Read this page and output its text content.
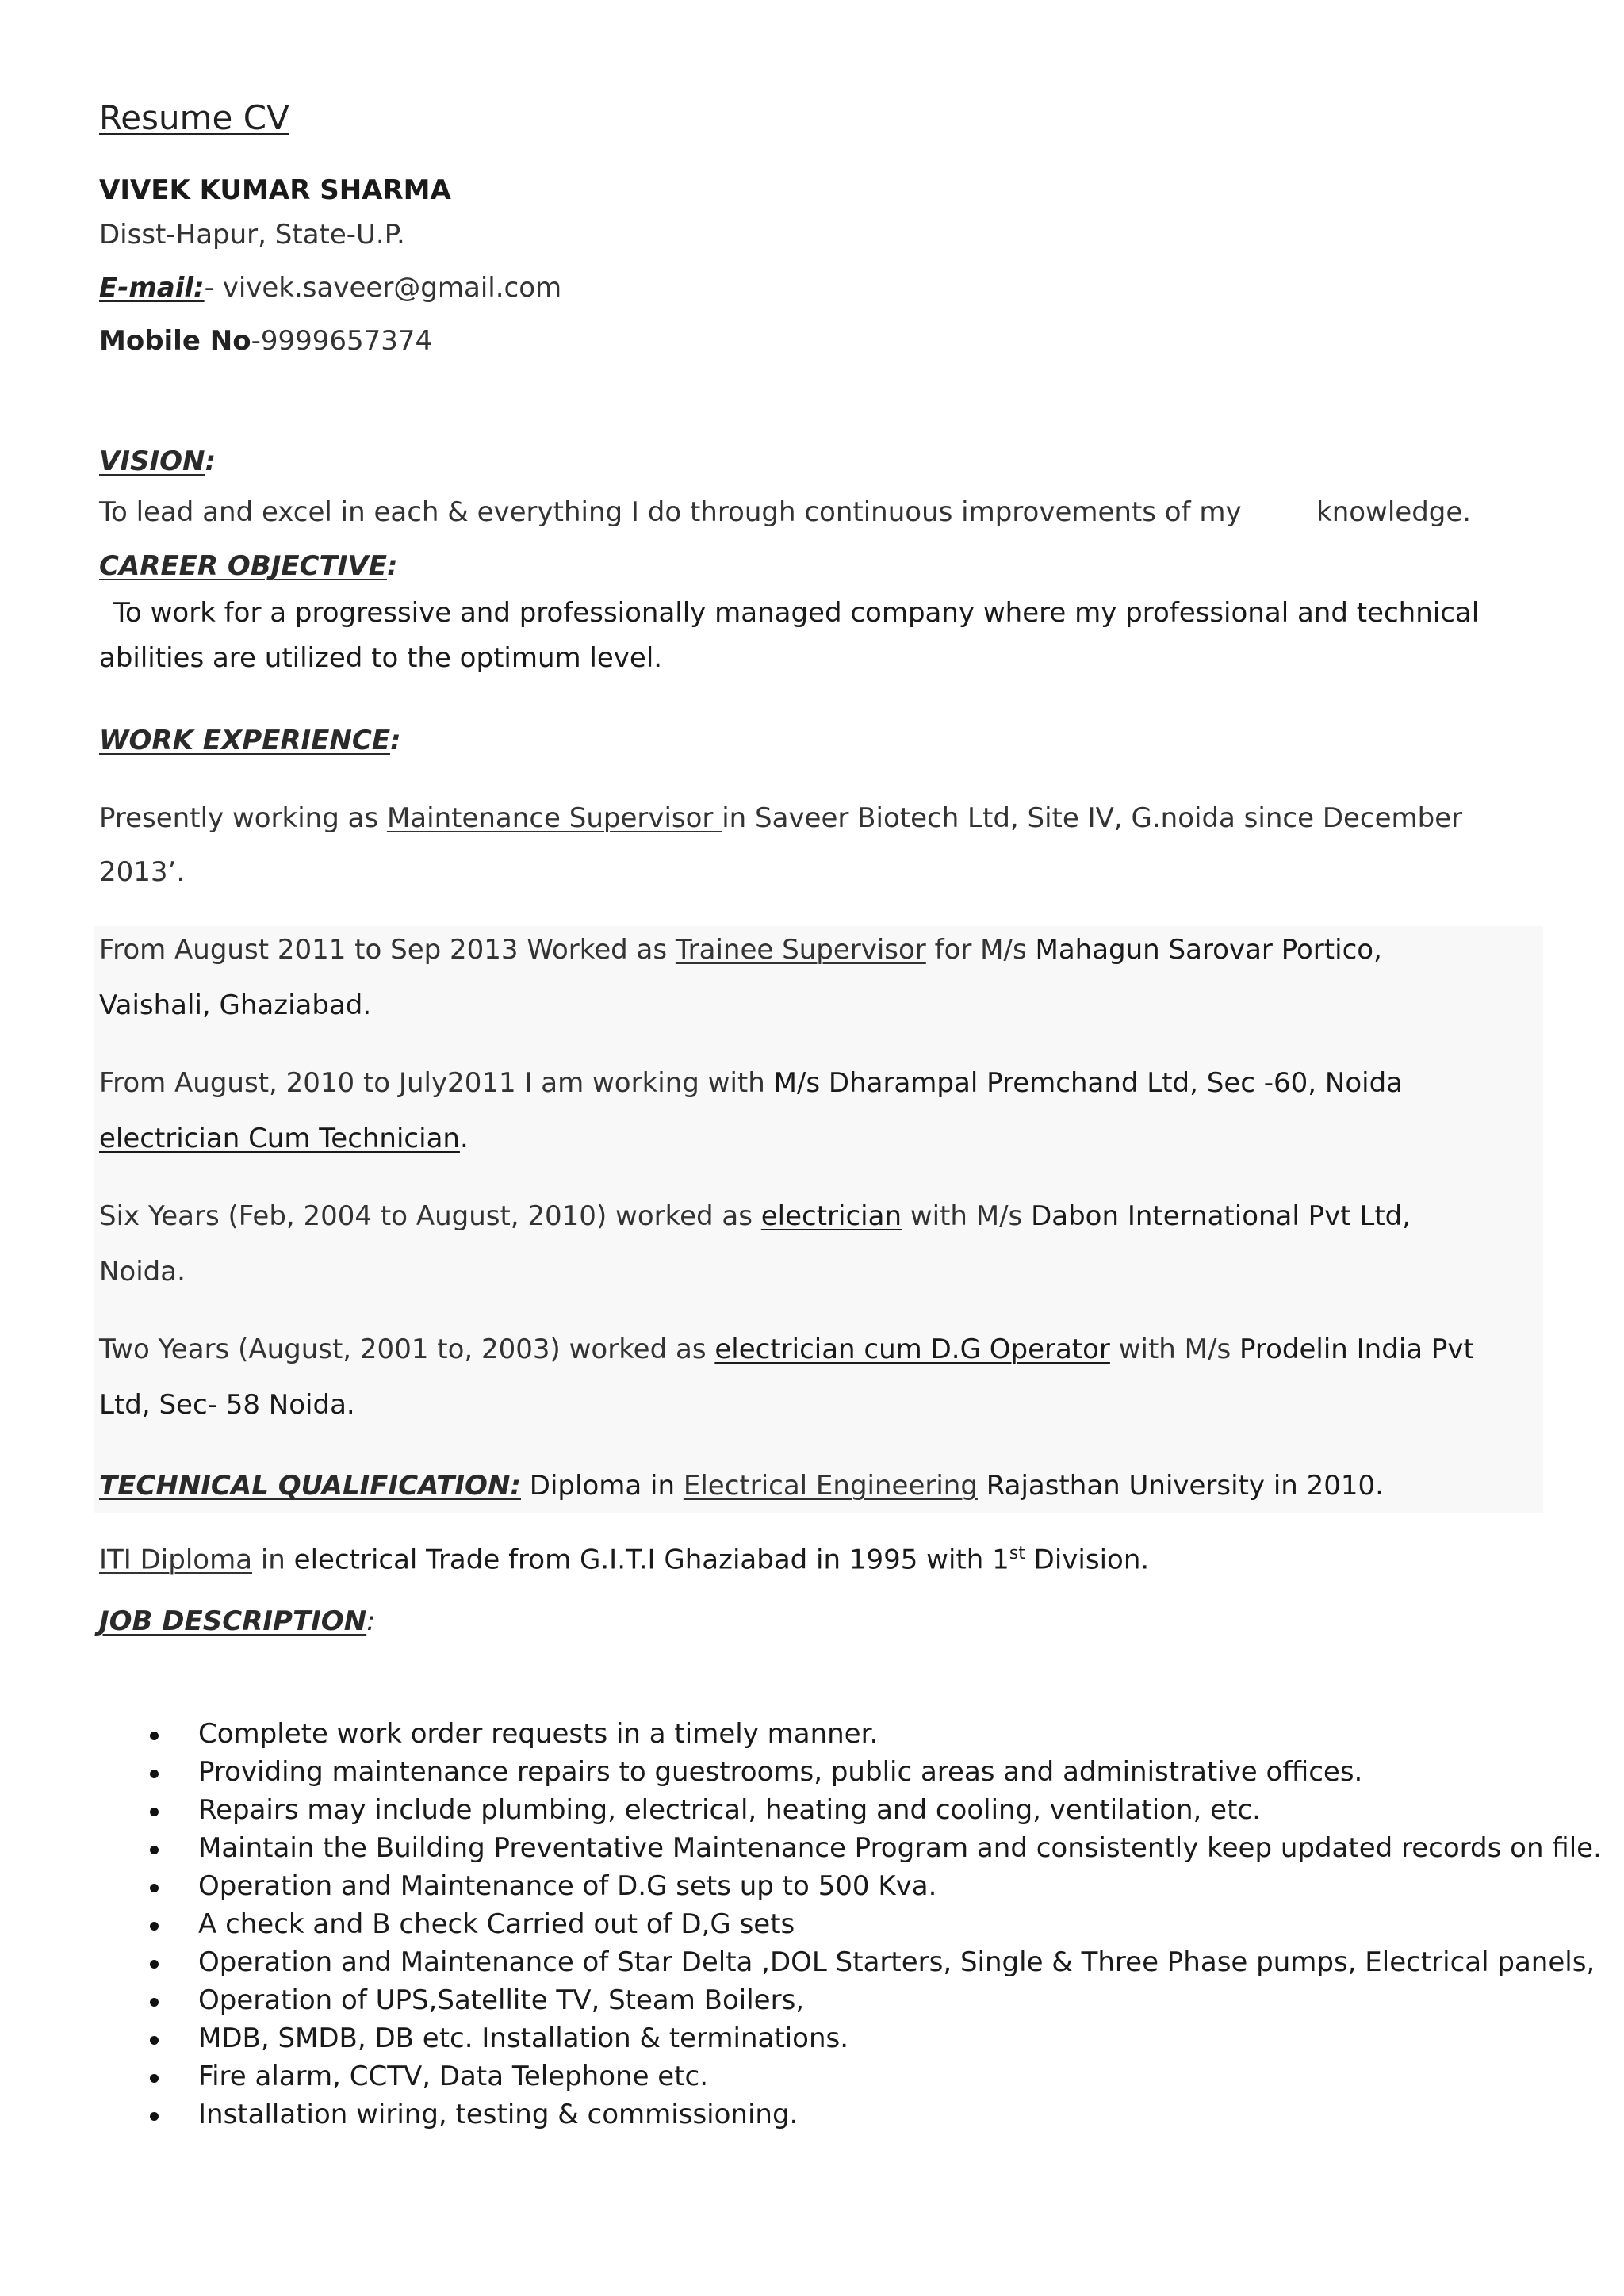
Resume CV
VIVEK KUMAR SHARMA
Disst-Hapur, State-U.P.
E-mail:- vivek.saveer@gmail.com
Mobile No-9999657374
VISION:
To lead and excel in each & everything I do through continuous improvements of my	knowledge.
CAREER OBJECTIVE:
To work for a progressive and professionally managed company where my professional and technical
abilities are utilized to the optimum level.
WORK EXPERIENCE:
Presently working as Maintenance Supervisor in Saveer Biotech Ltd, Site IV, G.noida since December
2013’.
From August 2011 to Sep 2013 Worked as Trainee Supervisor for M/s Mahagun Sarovar Portico,
Vaishali, Ghaziabad.
From August, 2010 to July2011 I am working with M/s Dharampal Premchand Ltd, Sec -60, Noida
electrician Cum Technician.
Six Years (Feb, 2004 to August, 2010) worked as electrician with M/s Dabon International Pvt Ltd,
Noida.
Two Years (August, 2001 to, 2003) worked as electrician cum D.G Operator with M/s Prodelin India Pvt
Ltd, Sec- 58 Noida.
TECHNICAL QUALIFICATION: Diploma in Electrical Engineering Rajasthan University in 2010.
ITI Diploma in electrical Trade from G.I.T.I Ghaziabad in 1995 with 1st Division.
JOB DESCRIPTION:
Complete work order requests in a timely manner.
Providing maintenance repairs to guestrooms, public areas and administrative offices.
Repairs may include plumbing, electrical, heating and cooling, ventilation, etc.
Maintain the Building Preventative Maintenance Program and consistently keep updated records on file.
Operation and Maintenance of D.G sets up to 500 Kva.
A check and B check Carried out of D,G sets
Operation and Maintenance of Star Delta ,DOL Starters, Single & Three Phase pumps, Electrical panels,
Operation of UPS,Satellite TV, Steam Boilers,
MDB, SMDB, DB etc. Installation & terminations.
Fire alarm, CCTV, Data Telephone etc.
Installation wiring, testing & commissioning.
